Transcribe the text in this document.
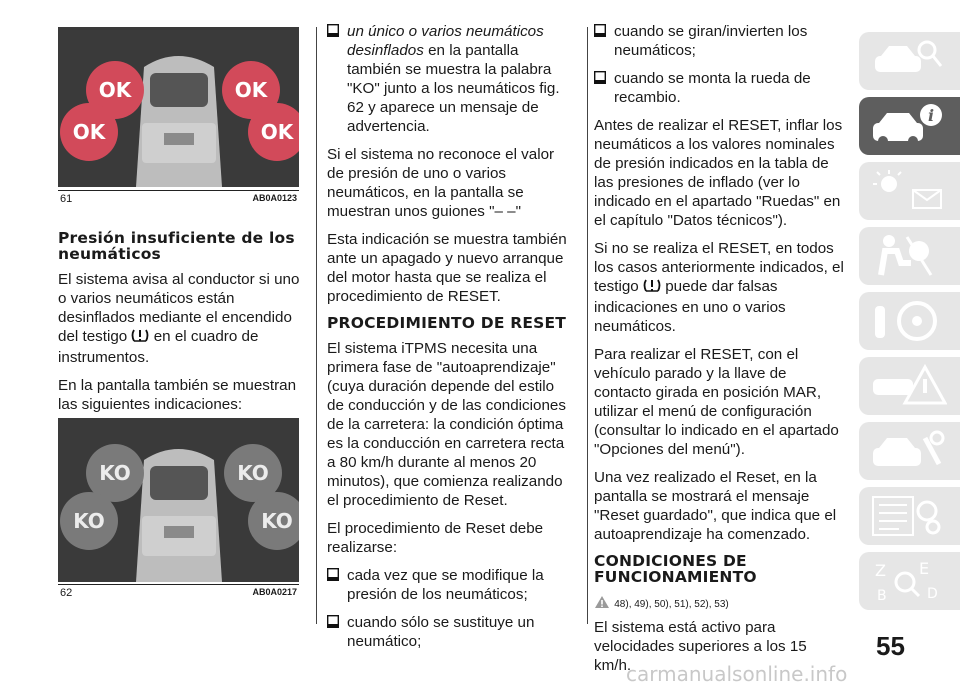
OK	OK
OK	OK
61	AB0A0123
KO	KO
KO	KO
62	AB0A0217
Presión insuficiente de los neumáticos

El sistema avisa al conductor si uno o varios neumáticos están desinflados mediante el encendido del testigo en el cuadro de instrumentos.

En la pantalla también se muestran las siguientes indicaciones:

un único o varios neumáticos desinflados en la pantalla también se muestra la palabra "KO" junto a los neumáticos fig. 62 y aparece un mensaje de advertencia.

Si el sistema no reconoce el valor de presión de uno o varios neumáticos, en la pantalla se muestran unos guiones "– –"

Esta indicación se muestra también ante un apagado y nuevo arranque del motor hasta que se realiza el procedimiento de RESET.

PROCEDIMIENTO DE RESET

El sistema iTPMS necesita una primera fase de "autoaprendizaje" (cuya duración depende del estilo de conducción y de las condiciones de la carretera: la condición óptima es la conducción en carretera recta a 80 km/h durante al menos 20 minutos), que comienza realizando el procedimiento de Reset.

El procedimiento de Reset debe realizarse:

cada vez que se modifique la presión de los neumáticos;
cuando sólo se sustituye un neumático;
cuando se giran/invierten los neumáticos;
cuando se monta la rueda de recambio.

Antes de realizar el RESET, inflar los neumáticos a los valores nominales de presión indicados en la tabla de las presiones de inflado (ver lo indicado en el apartado "Ruedas" en el capítulo "Datos técnicos").

Si no se realiza el RESET, en todos los casos anteriormente indicados, el testigo puede dar falsas indicaciones en uno o varios neumáticos.

Para realizar el RESET, con el vehículo parado y la llave de contacto girada en posición MAR, utilizar el menú de configuración (consultar lo indicado en el apartado "Opciones del menú").

Una vez realizado el Reset, en la pantalla se mostrará el mensaje "Reset guardado", que indica que el autoaprendizaje ha comenzado.

CONDICIONES DE FUNCIONAMIENTO

48), 49), 50), 51), 52), 53)

El sistema está activo para velocidades superiores a los 15 km/h.

i
Z E
B	D
55
carmanualsonline.info
